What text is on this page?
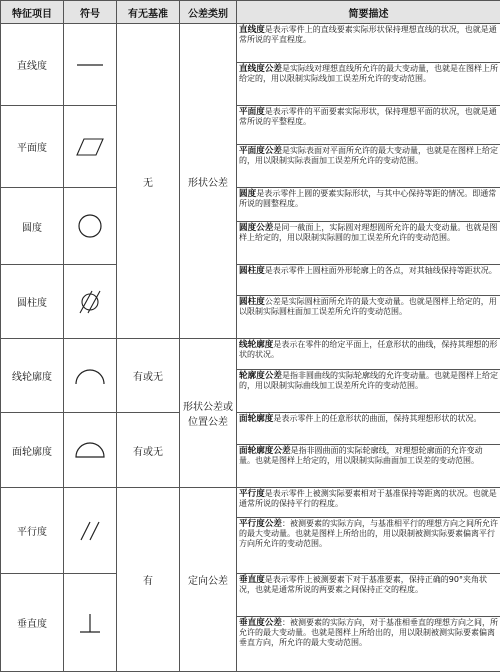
特征项目	符号	有无基准	公差类别	简要描述
直线度		无	形状公差	直线度是表示零件上的直线要素实际形状保持理想直线的状况，也就是通常所说的平直程度。
				直线度公差是实际线对理想直线所允许的最大变动量，也就是在图样上所给定的，用以限制实际线加工误差所允许的变动范围。
平面度				平面度是表示零件的平面要素实际形状，保持理想平面的状况，也就是通常所说的平整程度。
				平面度公差是实际表面对平面所允许的最大变动量，也就是在图样上给定的，用以限制实际表面加工误差所允许的变动范围。
圆度				圆度是表示零件上圆的要素实际形状，与其中心保持等距的情况。即通常所说的圆整程度。
				圆度公差是同一截面上，实际圆对理想圆所允许的最大变动量。也就是图样上给定的，用以限制实际圆的加工误差所允许的变动范围。
圆柱度				圆柱度是表示零件上圆柱面外形轮廓上的各点，对其轴线保持等距状况。
				圆柱度公差是实际圆柱面所允许的最大变动量。也就是图样上给定的，用以限制实际圆柱面加工误差所允许的变动范围。
线轮廓度		有或无	形状公差或位置公差	线轮廓度是表示在零件的给定平面上，任意形状的曲线，保持其理想的形状的状况。
				轮廓度公差是指非圆曲线的实际轮廓线的允许变动量。也就是图样上给定的，用以限制实际曲线加工误差所允许的变动范围。
面轮廓度		有或无		面轮廓度是表示零件上的任意形状的曲面，保持其理想形状的状况。
				面轮廓度公差是指非圆曲面的实际轮廓线，对理想轮廓面的允许变动量。也就是图样上给定的，用以限制实际曲面加工误差的变动范围。
平行度		有	定向公差	平行度是表示零件上被测实际要素相对于基准保持等距离的状况。也就是通常所说的保持平行的程度。
				平行度公差：被测要素的实际方向，与基准相平行的理想方向之间所允许的最大变动量。也就是图样上所给出的，用以限制被测实际要素偏离平行方向所允许的变动范围。
垂直度				垂直度是表示零件上被测要素下对于基准要素，保持正确的90°夹角状况，也就是通常所说的两要素之间保持正交的程度。
				垂直度公差：被测要素的实际方向，对于基准相垂直的理想方向之间，所允许的最大变动量。也就是图样上所给出的，用以限制被测实际要素偏离垂直方向，所允许的最大变动范围。
